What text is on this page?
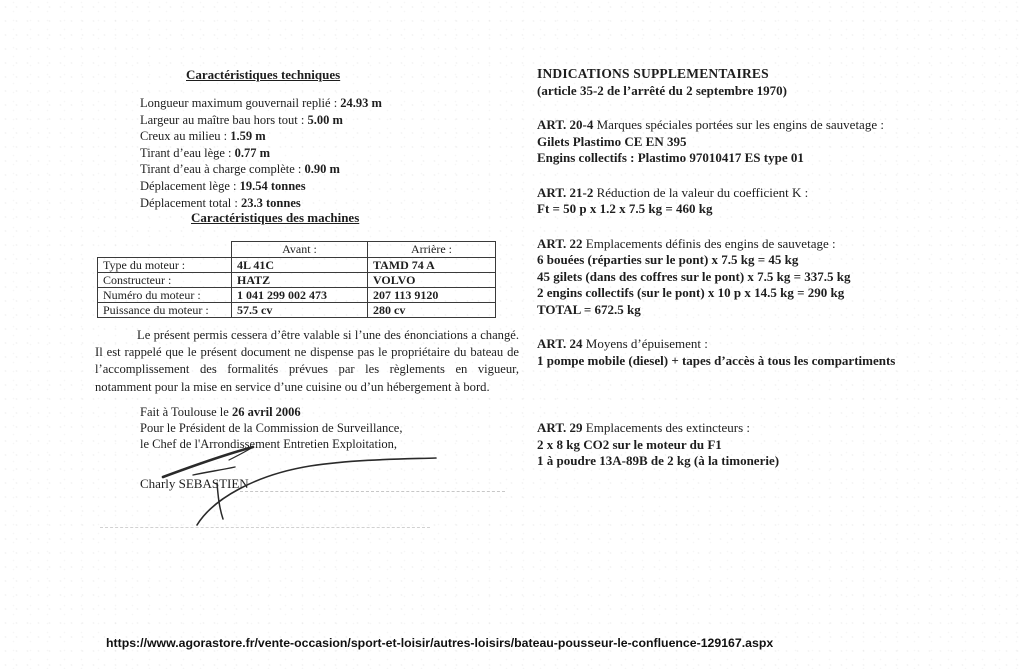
Caractéristiques techniques
Longueur maximum gouvernail replié : 24.93 m
Largeur au maître bau hors tout : 5.00 m
Creux au milieu : 1.59 m
Tirant d’eau lège : 0.77 m
Tirant d’eau à charge complète : 0.90 m
Déplacement lège : 19.54 tonnes
Déplacement total : 23.3 tonnes
Caractéristiques des machines
	Avant :	Arrière :
Type du moteur :	4L 41C	TAMD 74 A
Constructeur :	HATZ	VOLVO
Numéro du moteur :	1 041 299 002 473	207 113 9120
Puissance du moteur :	57.5 cv	280 cv
Le présent permis cessera d’être valable si l’une des énonciations a changé. Il est rappelé que le présent document ne dispense pas le propriétaire du bateau de l’accomplissement des formalités prévues par les règlements en vigueur, notamment pour la mise en service d’une cuisine ou d’un hébergement à bord.
Fait à Toulouse le 26 avril 2006
Pour le Président de la Commission de Surveillance,
le Chef de l'Arrondissement Entretien Exploitation,
Charly SEBASTIEN
INDICATIONS SUPPLEMENTAIRES
(article 35-2 de l’arrêté du 2 septembre 1970)
ART. 20-4 Marques spéciales portées sur les engins de sauvetage :
Gilets Plastimo CE EN 395
Engins collectifs : Plastimo 97010417 ES type 01
ART. 21-2 Réduction de la valeur du coefficient K :
Ft = 50 p x 1.2 x 7.5 kg = 460 kg
ART. 22 Emplacements définis des engins de sauvetage :
6 bouées (réparties sur le pont) x 7.5 kg = 45 kg
45 gilets (dans des coffres sur le pont) x 7.5 kg = 337.5 kg
2 engins collectifs (sur le pont) x 10 p x 14.5 kg = 290 kg
TOTAL = 672.5 kg
ART. 24 Moyens d’épuisement :
1 pompe mobile (diesel) + tapes d’accès à tous les compartiments
ART. 29 Emplacements des extincteurs :
2 x 8 kg CO2 sur le moteur du F1
1 à poudre 13A-89B de 2 kg (à la timonerie)
https://www.agorastore.fr/vente-occasion/sport-et-loisir/autres-loisirs/bateau-pousseur-le-confluence-129167.aspx
